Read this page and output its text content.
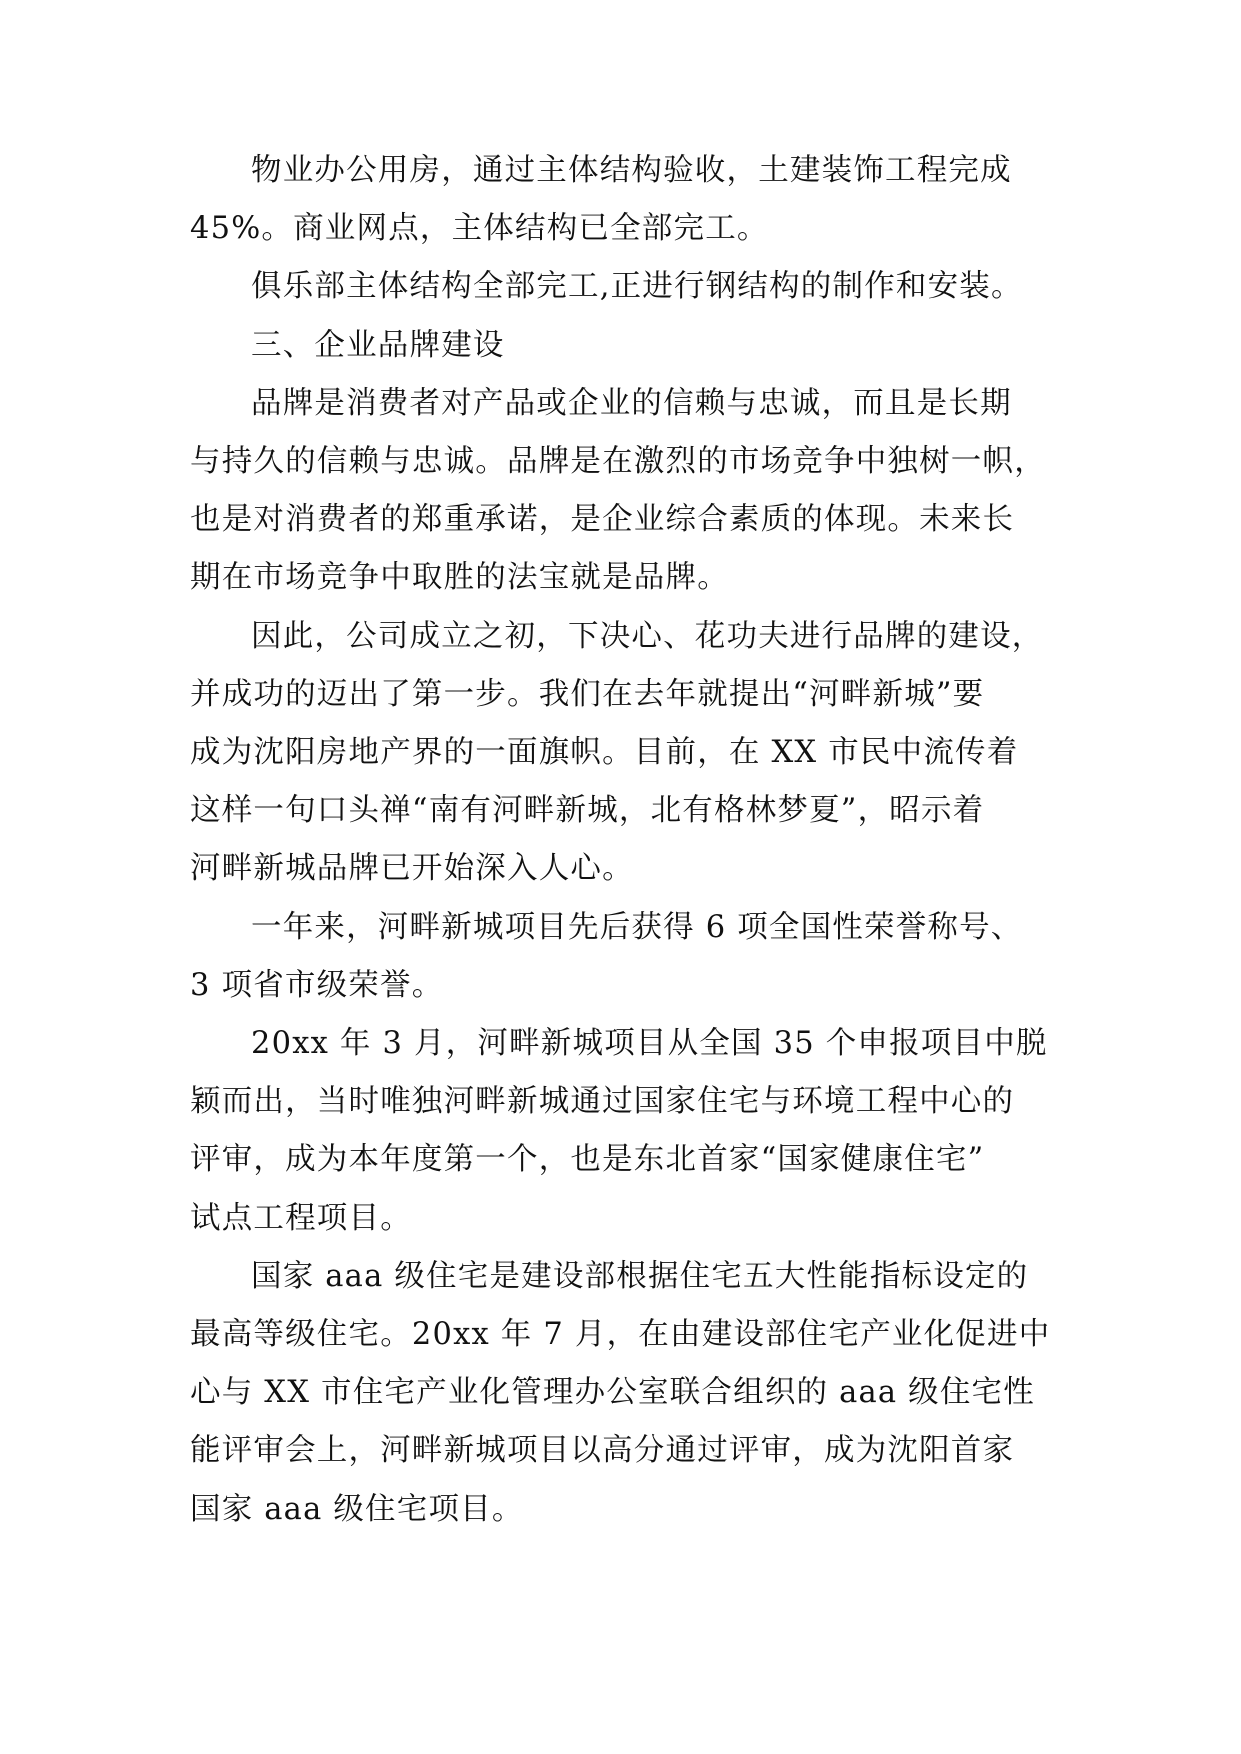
物业办公用房，通过主体结构验收，土建装饰工程完成
45%。商业网点，主体结构已全部完工。
俱乐部主体结构全部完工,正进行钢结构的制作和安装。
三、企业品牌建设
品牌是消费者对产品或企业的信赖与忠诚，而且是长期
与持久的信赖与忠诚。品牌是在激烈的市场竞争中独树一帜，
也是对消费者的郑重承诺，是企业综合素质的体现。未来长
期在市场竞争中取胜的法宝就是品牌。
因此，公司成立之初，下决心、花功夫进行品牌的建设，
并成功的迈出了第一步。我们在去年就提出“河畔新城”要
成为沈阳房地产界的一面旗帜。目前，在 XX 市民中流传着
这样一句口头禅“南有河畔新城，北有格林梦夏”，昭示着
河畔新城品牌已开始深入人心。
一年来，河畔新城项目先后获得 6 项全国性荣誉称号、
3 项省市级荣誉。
20xx 年 3 月，河畔新城项目从全国 35 个申报项目中脱
颖而出，当时唯独河畔新城通过国家住宅与环境工程中心的
评审，成为本年度第一个，也是东北首家“国家健康住宅”
试点工程项目。
国家 aaa 级住宅是建设部根据住宅五大性能指标设定的
最高等级住宅。20xx 年 7 月，在由建设部住宅产业化促进中
心与 XX 市住宅产业化管理办公室联合组织的 aaa 级住宅性
能评审会上，河畔新城项目以高分通过评审，成为沈阳首家
国家 aaa 级住宅项目。
